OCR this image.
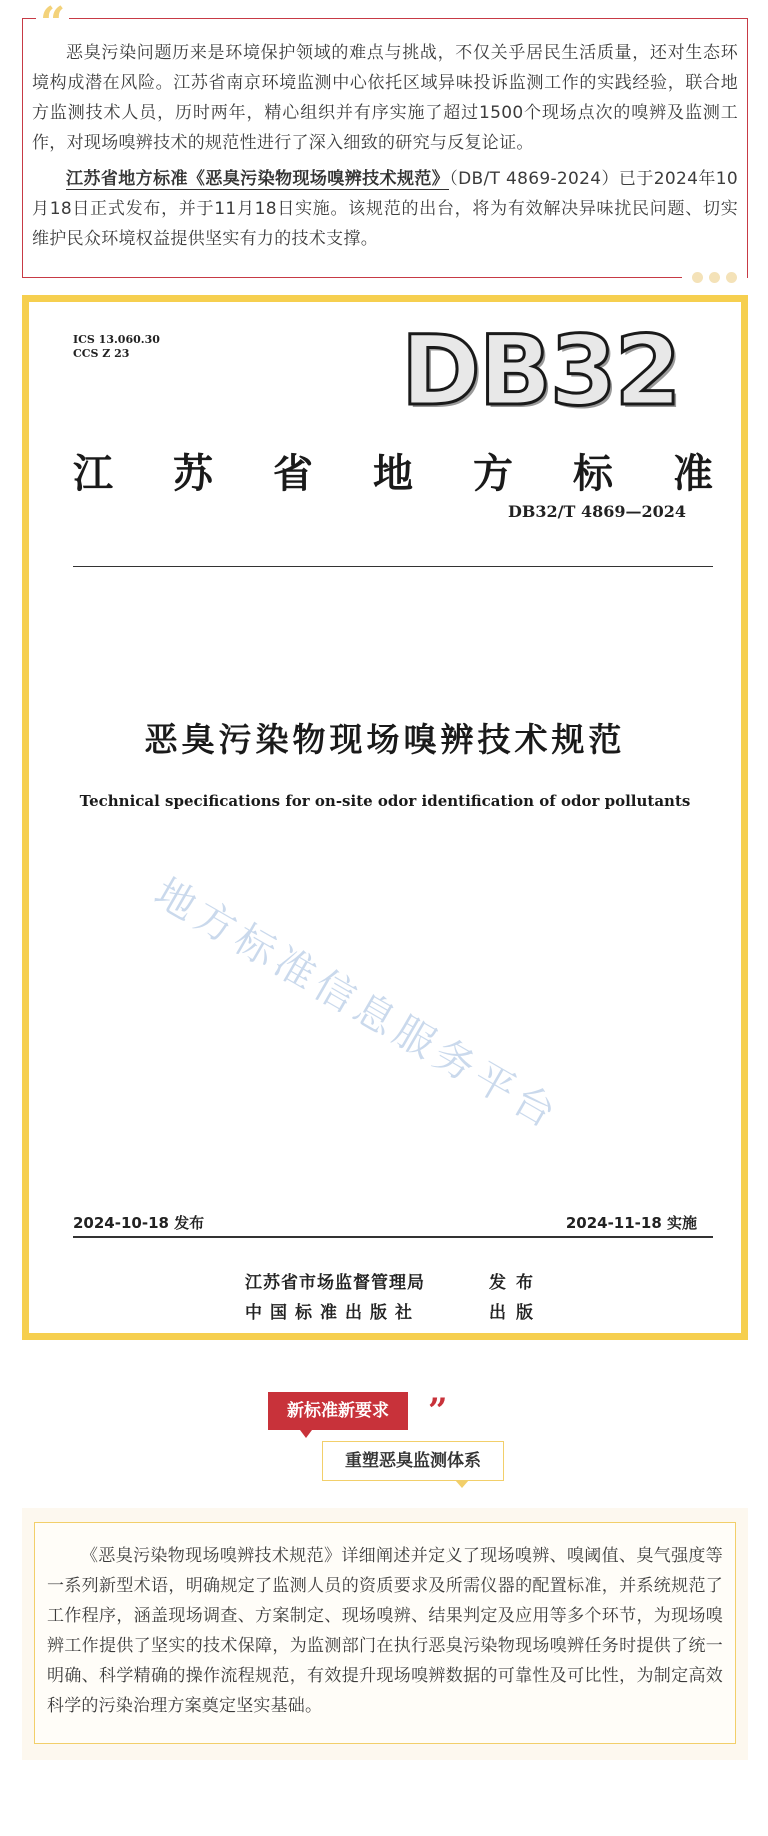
“

恶臭污染问题历来是环境保护领域的难点与挑战，不仅关乎居民生活质量，还对生态环境构成潜在风险。江苏省南京环境监测中心依托区域异味投诉监测工作的实践经验，联合地方监测技术人员，历时两年，精心组织并有序实施了超过1500个现场点次的嗅辨及监测工作，对现场嗅辨技术的规范性进行了深入细致的研究与反复论证。

江苏省地方标准《恶臭污染物现场嗅辨技术规范》（DB/T 4869-2024）已于2024年10月18日正式发布，并于11月18日实施。该规范的出台，将为有效解决异味扰民问题、切实维护民众环境权益提供坚实有力的技术支撑。

ICS 13.060.30
CCS Z 23	DB32
江 苏 省 地 方 标 准
DB32/T 4869—2024
恶臭污染物现场嗅辨技术规范
Technical specifications for on-site odor identification of odor pollutants
地方标准信息服务平台
2024-10-18 发布	2024-11-18 实施
江苏省市场监督管理局	发布
中国标准出版社	出版
新标准新要求	”
重塑恶臭监测体系

《恶臭污染物现场嗅辨技术规范》详细阐述并定义了现场嗅辨、嗅阈值、臭气强度等一系列新型术语，明确规定了监测人员的资质要求及所需仪器的配置标准，并系统规范了工作程序，涵盖现场调查、方案制定、现场嗅辨、结果判定及应用等多个环节，为现场嗅辨工作提供了坚实的技术保障，为监测部门在执行恶臭污染物现场嗅辨任务时提供了统一明确、科学精确的操作流程规范，有效提升现场嗅辨数据的可靠性及可比性，为制定高效科学的污染治理方案奠定坚实基础。
